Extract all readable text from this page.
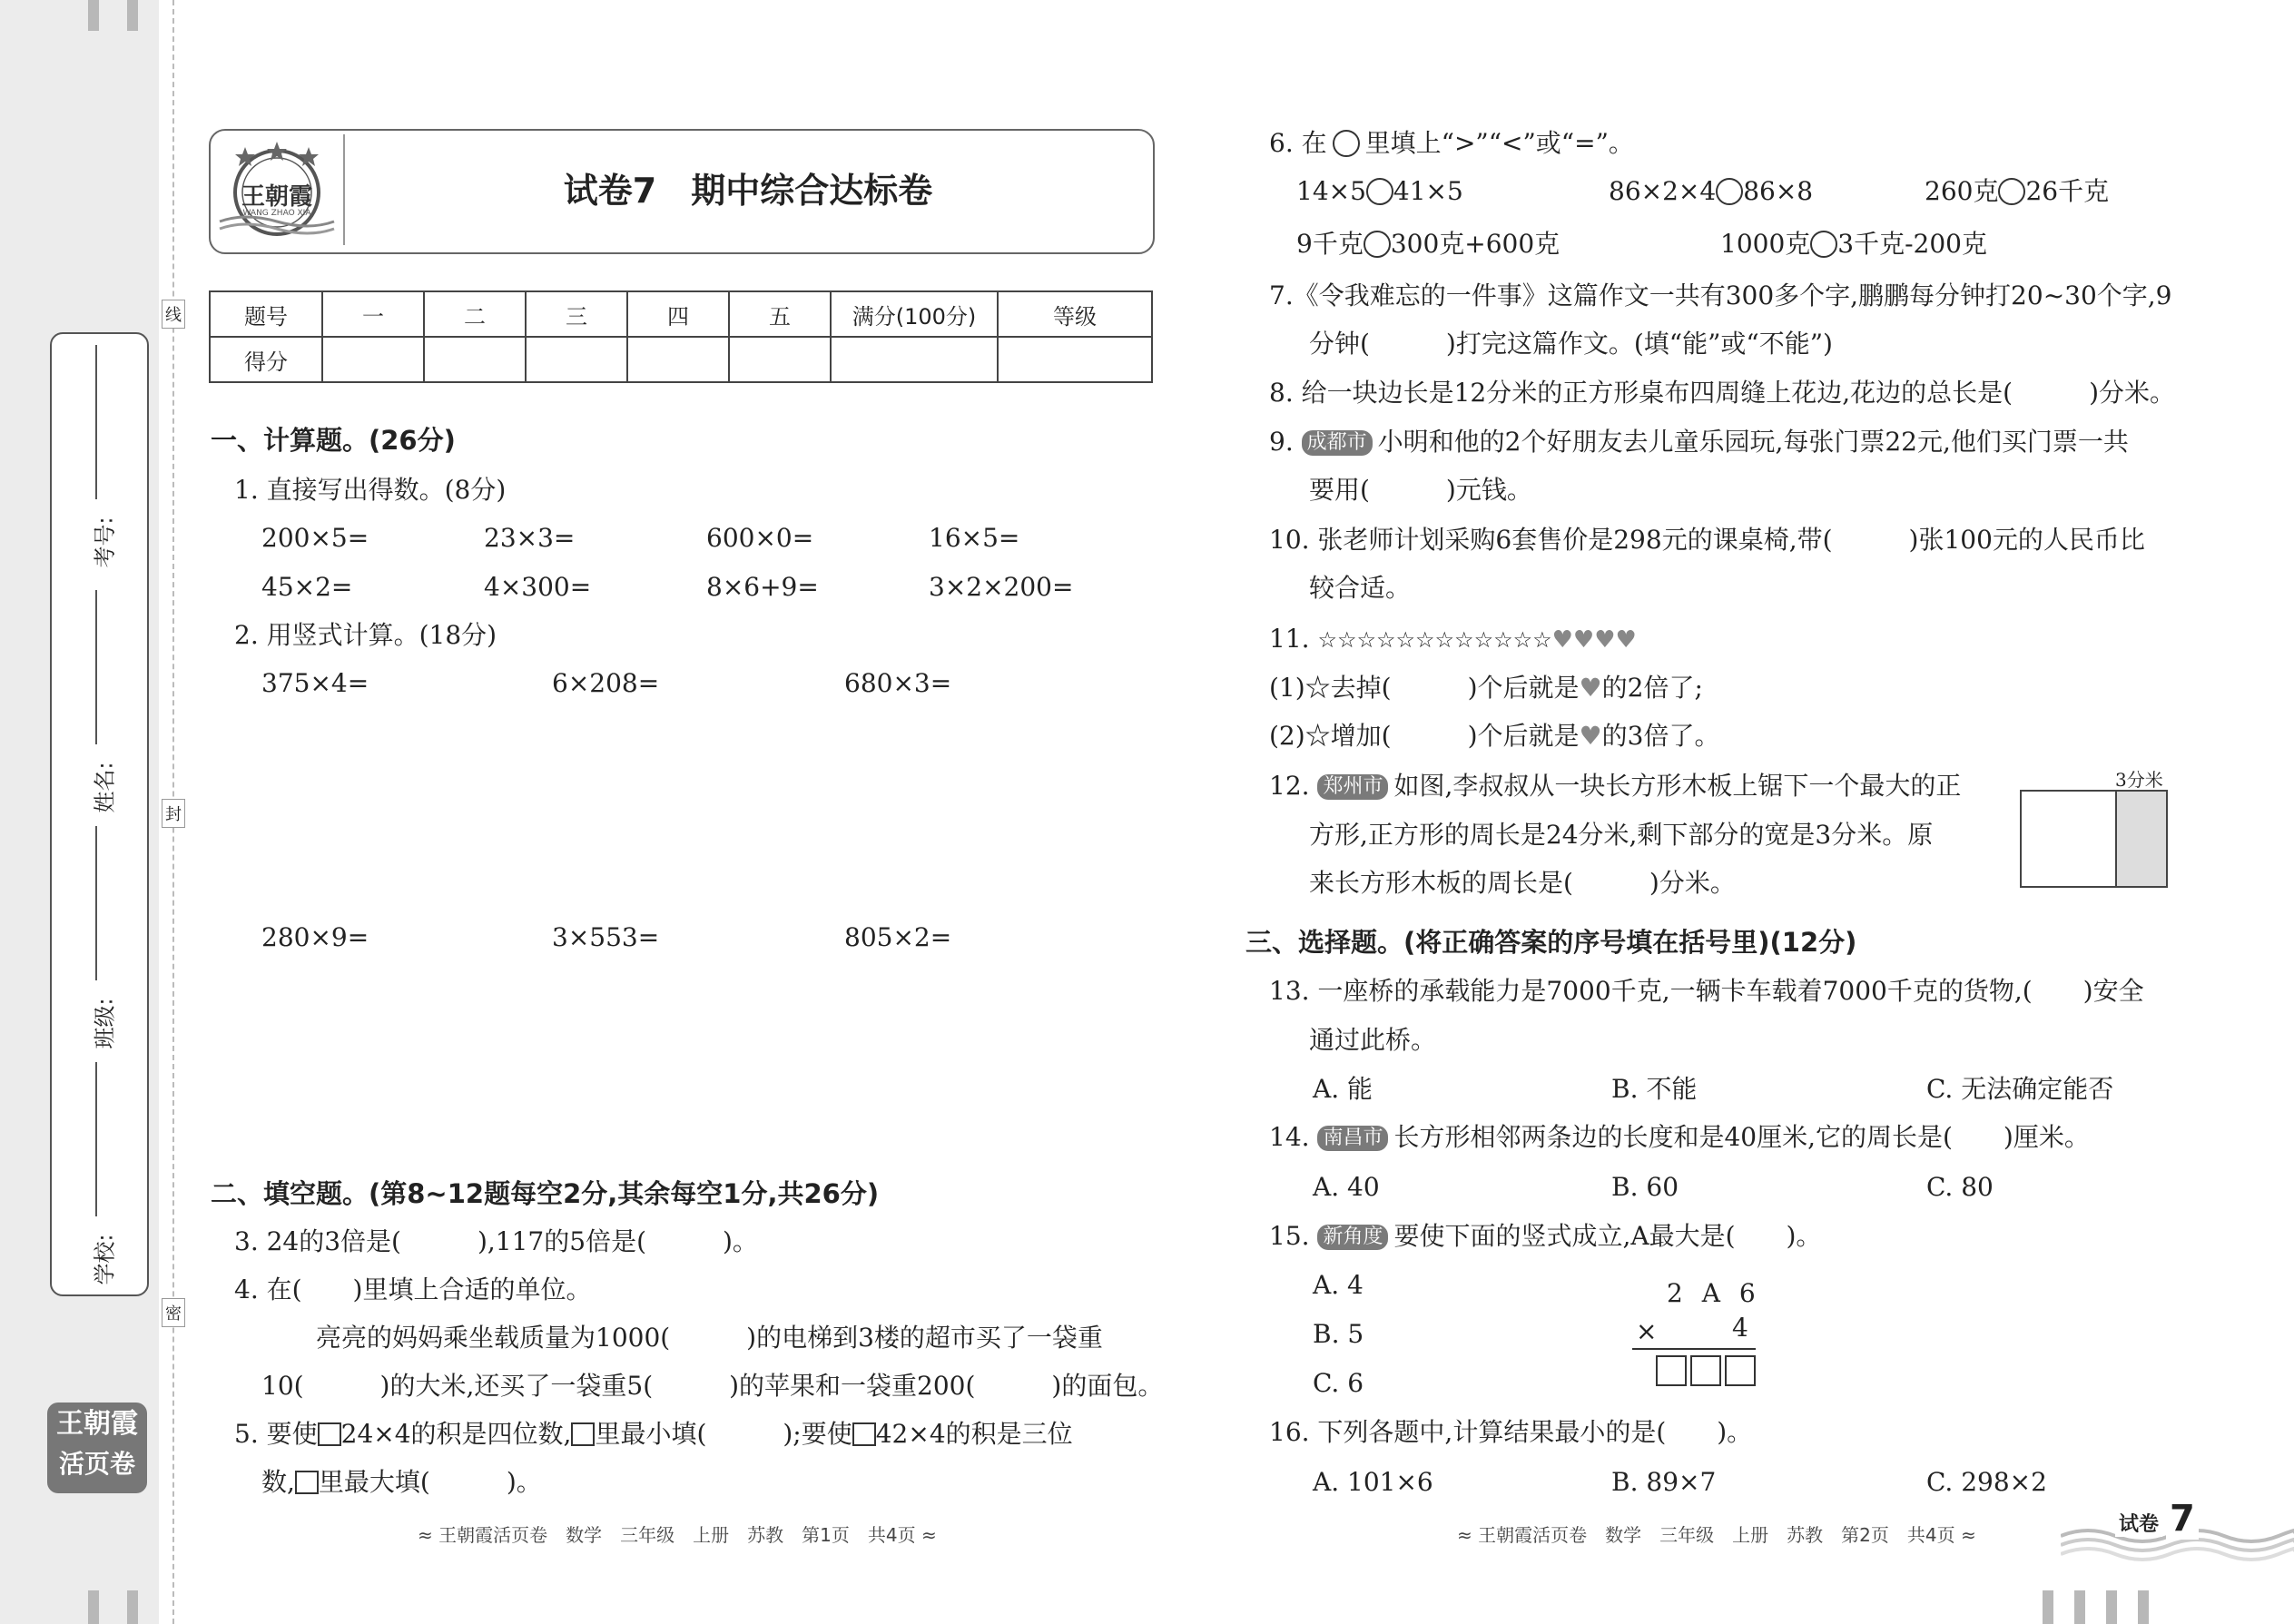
线
封
密
考号:
姓名:
班级:
学校:
王朝霞
活页卷
王朝霞
WANG ZHAO XIA
试卷7　期中综合达标卷
题号	一	二	三	四	五	满分(100分)	等级
得分							
一、计算题。(26分)
1. 直接写出得数。(8分)
200×5=	23×3=	600×0=	16×5=
45×2=	4×300=	8×6+9=	3×2×200=
2. 用竖式计算。(18分)
375×4=	6×208=	680×3=
280×9=	3×553=	805×2=
二、填空题。(第8~12题每空2分,其余每空1分,共26分)
3. 24的3倍是(　　　),117的5倍是(　　　)。
4. 在(　　)里填上合适的单位。
亮亮的妈妈乘坐载质量为1000(　　　)的电梯到3楼的超市买了一袋重
10(　　　)的大米,还买了一袋重5(　　　)的苹果和一袋重200(　　　)的面包。
5. 要使 24×4的积是四位数, 里最小填(　　　);要使 42×4的积是三位
数, 里最大填(　　　)。
≈ 王朝霞活页卷　数学　三年级　上册　苏教　第1页　共4页 ≈
6. 在 里填上“>”“<”或“=”。
14×5 41×5	86×2×4 86×8	260克 26千克
9千克 300克+600克	1000克 3千克-200克
7.《令我难忘的一件事》这篇作文一共有300多个字,鹏鹏每分钟打20~30个字,9
分钟(　　　)打完这篇作文。(填“能”或“不能”)
8. 给一块边长是12分米的正方形桌布四周缝上花边,花边的总长是(　　　)分米。
9. 成都市 小明和他的2个好朋友去儿童乐园玩,每张门票22元,他们买门票一共
要用(　　　)元钱。
10. 张老师计划采购6套售价是298元的课桌椅,带(　　　)张100元的人民币比
较合适。
11. ☆☆☆☆☆☆☆☆☆☆☆☆♥♥♥♥
(1)☆去掉(　　　)个后就是♥的2倍了;
(2)☆增加(　　　)个后就是♥的3倍了。
12. 郑州市 如图,李叔叔从一块长方形木板上锯下一个最大的正
方形,正方形的周长是24分米,剩下部分的宽是3分米。原
来长方形木板的周长是(　　　)分米。
3分米
三、选择题。(将正确答案的序号填在括号里)(12分)
13. 一座桥的承载能力是7000千克,一辆卡车载着7000千克的货物,(　　)安全
通过此桥。
A. 能	B. 不能	C. 无法确定能否
14. 南昌市 长方形相邻两条边的长度和是40厘米,它的周长是(　　)厘米。
A. 40	B. 60	C. 80
15. 新角度 要使下面的竖式成立,A最大是(　　)。
A. 4
B. 5
C. 6
2 A 6
×	4
16. 下列各题中,计算结果最小的是(　　)。
A. 101×6	B. 89×7	C. 298×2
≈ 王朝霞活页卷　数学　三年级　上册　苏教　第2页　共4页 ≈	试卷 7
